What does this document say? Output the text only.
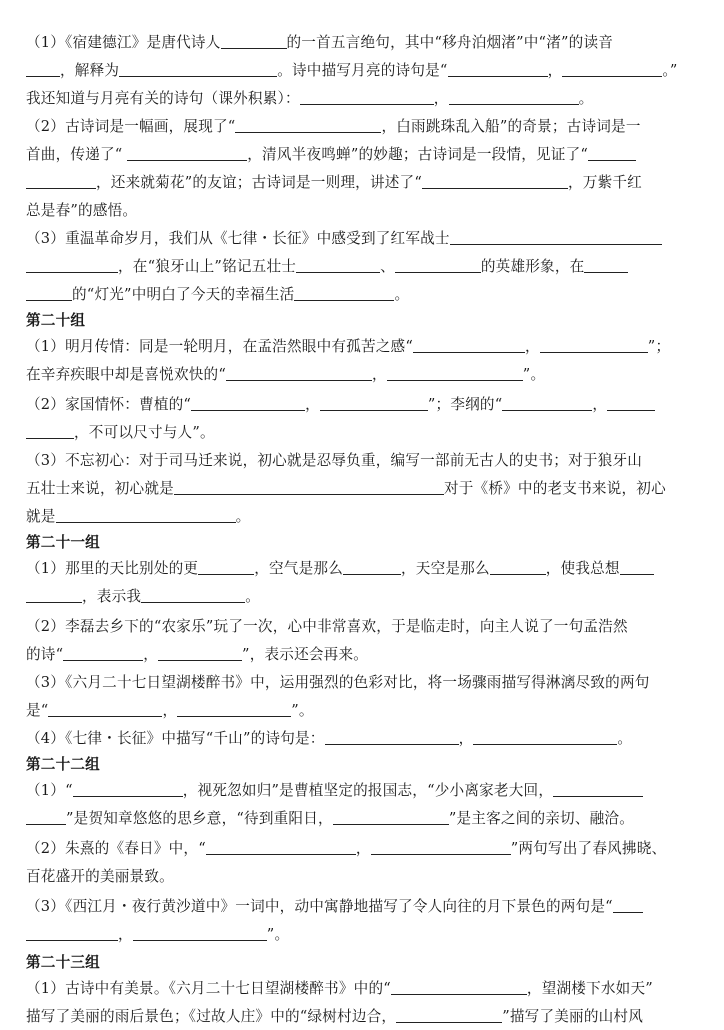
（1）《宿建德江》是唐代诗人	的一首五言绝句，其中“移舟泊烟渚”中“渚”的读音
，解释为	。诗中描写月亮的诗句是“	，	。”
我还知道与月亮有关的诗句（课外积累）：	，	。
（2）古诗词是一幅画，展现了“	，白雨跳珠乱入船”的奇景；古诗词是一
首曲，传递了“	，清风半夜鸣蝉”的妙趣；古诗词是一段情，见证了“
，还来就菊花”的友谊；古诗词是一则理，讲述了“	，万紫千红
总是春”的感悟。
（3）重温革命岁月，我们从《七律・长征》中感受到了红军战士
，在“狼牙山上”铭记五壮士	、	的英雄形象，在
的“灯光”中明白了今天的幸福生活	。
第二十组
（1）明月传情：同是一轮明月，在孟浩然眼中有孤苦之感“	，	”；
在辛弃疾眼中却是喜悦欢快的“	，	”。
（2）家国情怀：曹植的“	，	”；李纲的“	，
，不可以尺寸与人”。
（3）不忘初心：对于司马迁来说，初心就是忍辱负重，编写一部前无古人的史书；对于狼牙山
五壮士来说，初心就是	对于《桥》中的老支书来说，初心
就是	。
第二十一组
（1）那里的天比别处的更	，空气是那么	，天空是那么	，使我总想
，表示我	。
（2）李磊去乡下的“农家乐”玩了一次，心中非常喜欢，于是临走时，向主人说了一句孟浩然
的诗“	，	”，表示还会再来。
（3）《六月二十七日望湖楼醉书》中，运用强烈的色彩对比，将一场骤雨描写得淋漓尽致的两句
是“	，	”。
（4）《七律・长征》中描写“千山”的诗句是：	，	。
第二十二组
（1）“	，视死忽如归”是曹植坚定的报国志，“少小离家老大回，
”是贺知章悠悠的思乡意，“待到重阳日，	”是主客之间的亲切、融洽。
（2）朱熹的《春日》中，“	，	”两句写出了春风拂晓、
百花盛开的美丽景致。
（3）《西江月・夜行黄沙道中》一词中，动中寓静地描写了令人向往的月下景色的两句是“
，	”。
第二十三组
（1）古诗中有美景。《六月二十七日望湖楼醉书》中的“	，望湖楼下水如天”
描写了美丽的雨后景色；《过故人庄》中的“绿树村边合，	”描写了美丽的山村风
